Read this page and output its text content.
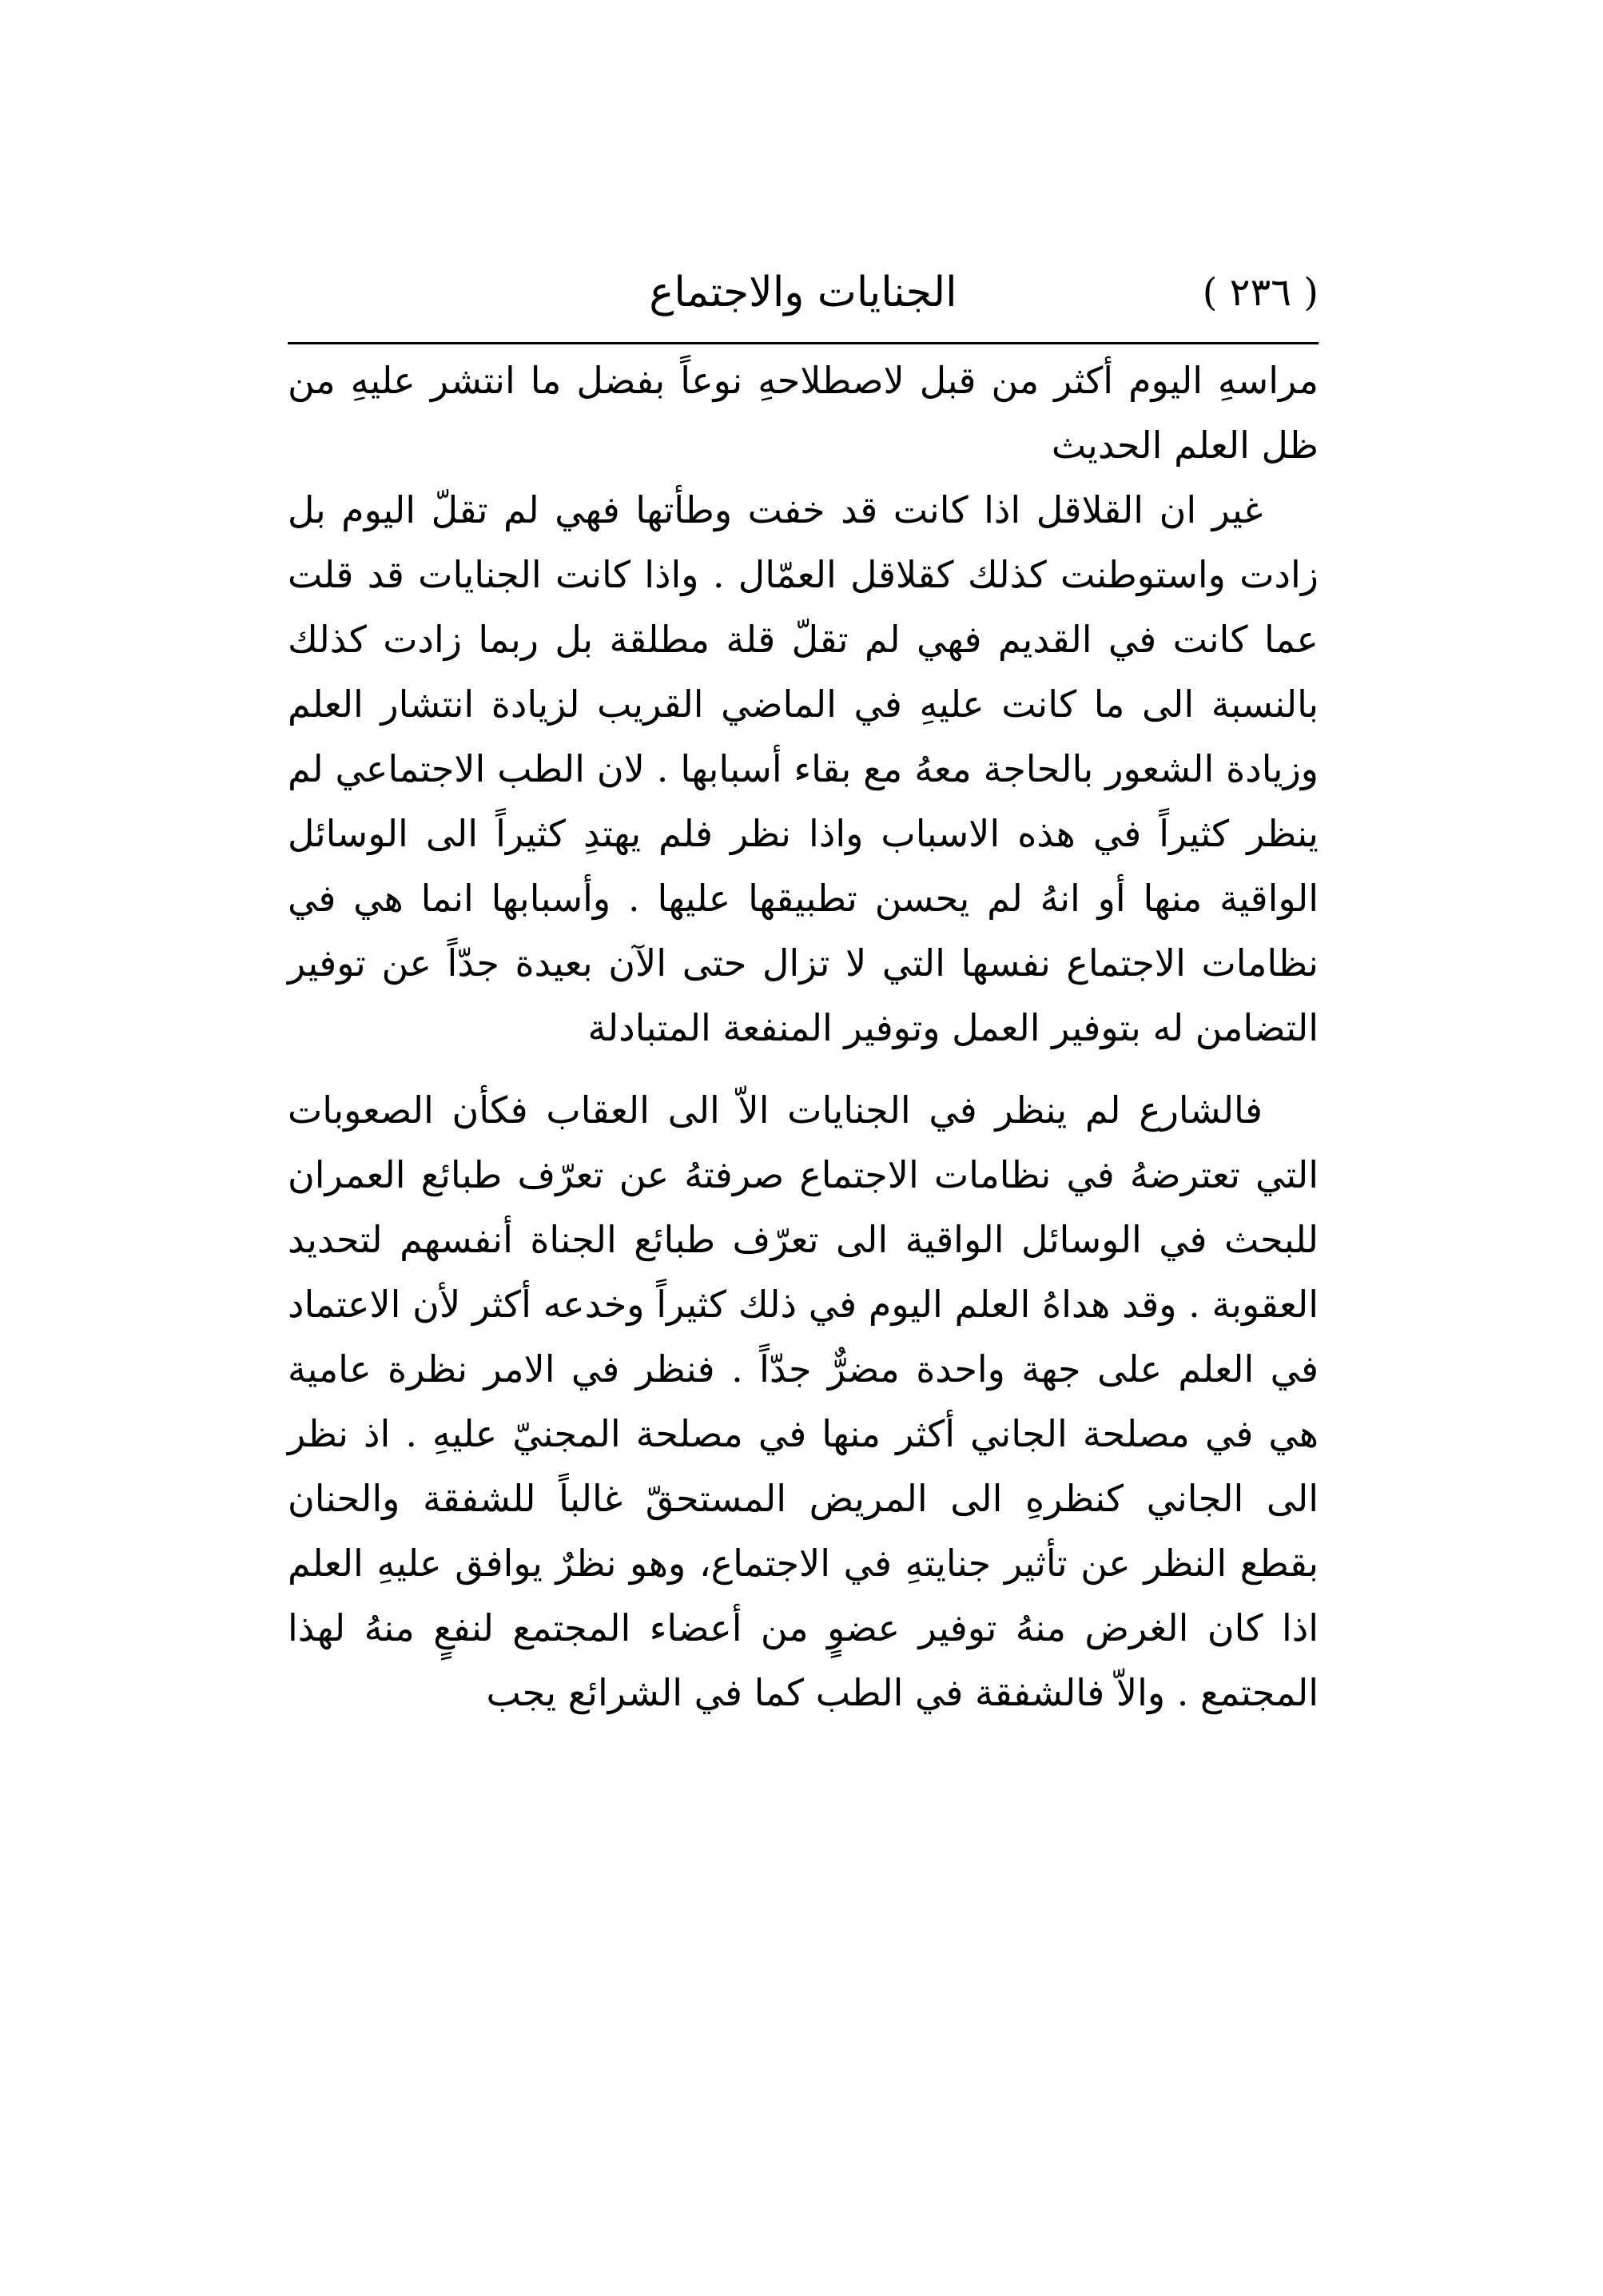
( ٢٣٦ )
الجنايات والاجتماع

مراسهِ اليوم أكثر من قبل لاصطلاحهِ نوعاً بفضل ما انتشر عليهِ من ظل العلم الحديث

غير ان القلاقل اذا كانت قد خفت وطأتها فهي لم تقلّ اليوم بل زادت واستوطنت كذلك كقلاقل العمّال . واذا كانت الجنايات قد قلت عما كانت في القديم فهي لم تقلّ قلة مطلقة بل ربما زادت كذلك بالنسبة الى ما كانت عليهِ في الماضي القريب لزيادة انتشار العلم وزيادة الشعور بالحاجة معهُ مع بقاء أسبابها . لان الطب الاجتماعي لم ينظر كثيراً في هذه الاسباب واذا نظر فلم يهتدِ كثيراً الى الوسائل الواقية منها أو انهُ لم يحسن تطبيقها عليها . وأسبابها انما هي في نظامات الاجتماع نفسها التي لا تزال حتى الآن بعيدة جدّاً عن توفير التضامن له بتوفير العمل وتوفير المنفعة المتبادلة

فالشارع لم ينظر في الجنايات الاّ الى العقاب فكأن الصعوبات التي تعترضهُ في نظامات الاجتماع صرفتهُ عن تعرّف طبائع العمران للبحث في الوسائل الواقية الى تعرّف طبائع الجناة أنفسهم لتحديد العقوبة . وقد هداهُ العلم اليوم في ذلك كثيراً وخدعه أكثر لأن الاعتماد في العلم على جهة واحدة مضرٌّ جدّاً . فنظر في الامر نظرة عامية هي في مصلحة الجاني أكثر منها في مصلحة المجنيّ عليهِ . اذ نظر الى الجاني كنظرهِ الى المريض المستحقّ غالباً للشفقة والحنان بقطع النظر عن تأثير جنايتهِ في الاجتماع، وهو نظرٌ يوافق عليهِ العلم اذا كان الغرض منهُ توفير عضوٍ من أعضاء المجتمع لنفعٍ منهُ لهذا المجتمع . والاّ فالشفقة في الطب كما في الشرائع يجب
